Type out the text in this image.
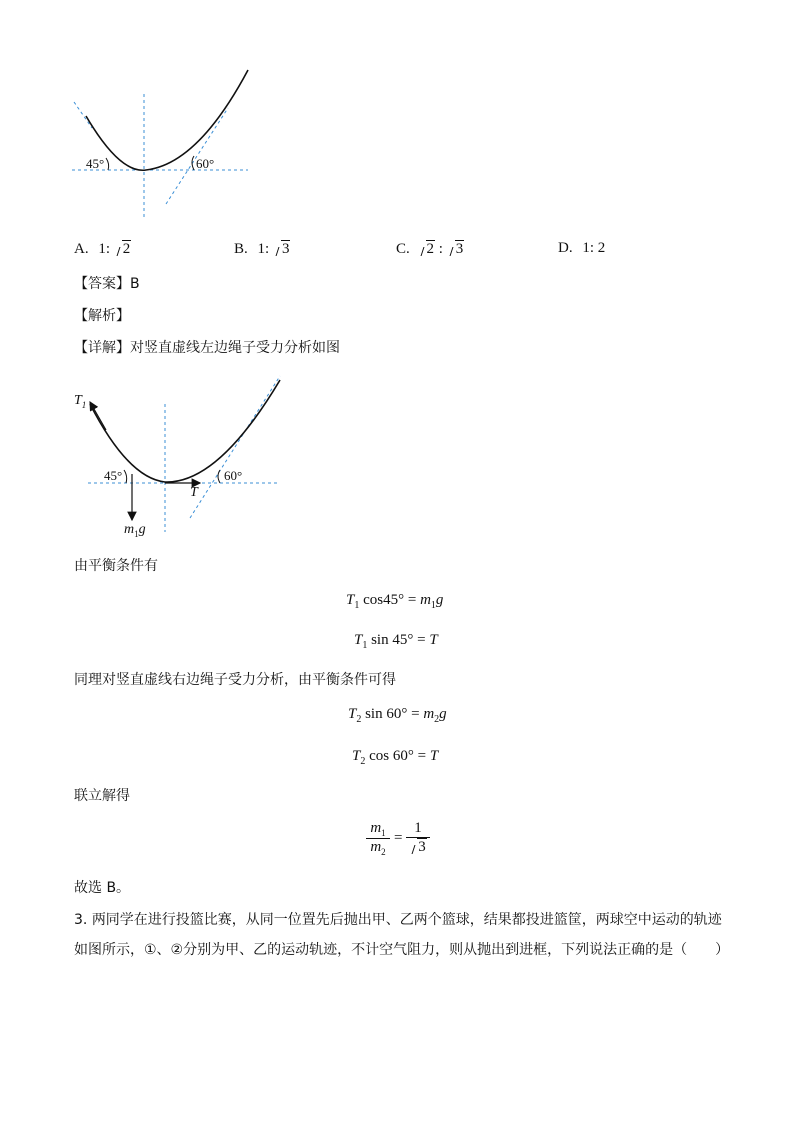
45°	60°
A. 1: 2	B. 1: 3	C. 2 : 3	D. 1: 2
【答案】B
【解析】
【详解】对竖直虚线左边绳子受力分析如图
$T_1$
45°	60°
T
$m_1g$
由平衡条件有
$T_1$ $\cos 45^\circ = m_1g$
$T_1$ sin 45° = T
同理对竖直虚线右边绳子受力分析，由平衡条件可得
$T_2$ $\sin 60^\circ = m_2g$
$T_2$ cos 60° = T
联立解得
$\frac{m_1}{m_2} = \frac{1}{3}$
故选 B。
3. 两同学在进行投篮比赛，从同一位置先后抛出甲、乙两个篮球，结果都投进篮筐，两球空中运动的轨迹
如图所示，①、②分别为甲、乙的运动轨迹，不计空气阻力，则从抛出到进框，下列说法正确的是（　　）
